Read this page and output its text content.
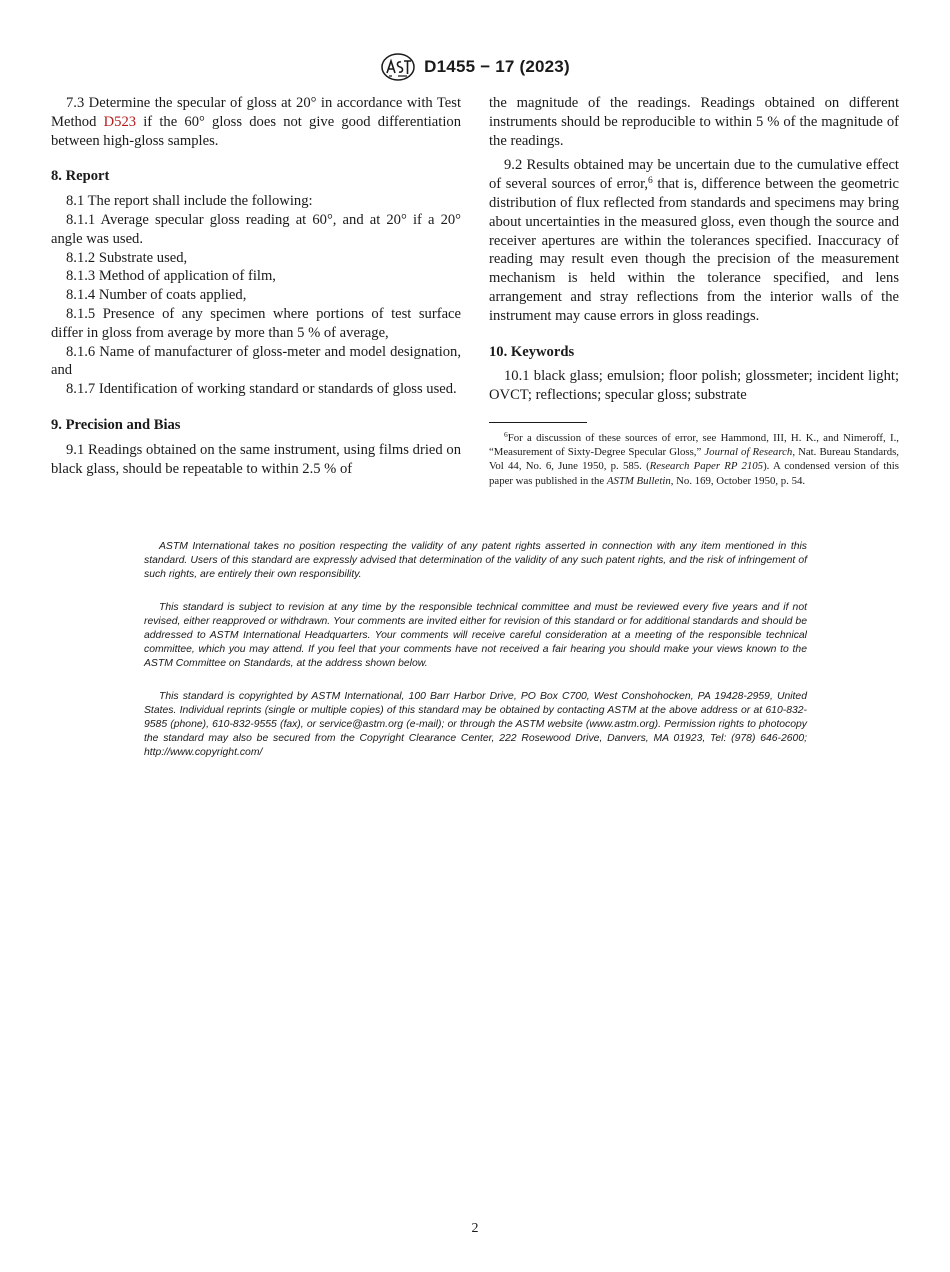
D1455 − 17 (2023)

7.3 Determine the specular of gloss at 20° in accordance with Test Method D523 if the 60° gloss does not give good differentiation between high-gloss samples.

8. Report

8.1 The report shall include the following:

8.1.1 Average specular gloss reading at 60°, and at 20° if a 20° angle was used.

8.1.2 Substrate used,

8.1.3 Method of application of film,

8.1.4 Number of coats applied,

8.1.5 Presence of any specimen where portions of test surface differ in gloss from average by more than 5 % of average,

8.1.6 Name of manufacturer of gloss-meter and model designation, and

8.1.7 Identification of working standard or standards of gloss used.

9. Precision and Bias

9.1 Readings obtained on the same instrument, using films dried on black glass, should be repeatable to within 2.5 % of

the magnitude of the readings. Readings obtained on different instruments should be reproducible to within 5 % of the magnitude of the readings.

9.2 Results obtained may be uncertain due to the cumulative effect of several sources of error,$^6$ that is, difference between the geometric distribution of flux reflected from standards and specimens may bring about uncertainties in the measured gloss, even though the source and receiver apertures are within the tolerances specified. Inaccuracy of reading may result even though the precision of the measurement mechanism is held within the tolerance specified, and lens arrangement and stray reflections from the interior walls of the instrument may cause errors in gloss readings.

10. Keywords

10.1 black glass; emulsion; floor polish; glossmeter; incident light; OVCT; reflections; specular gloss; substrate

$^6$For a discussion of these sources of error, see Hammond, III, H. K., and Nimeroff, I., “Measurement of Sixty-Degree Specular Gloss,” Journal of Research, Nat. Bureau Standards, Vol 44, No. 6, June 1950, p. 585. (Research Paper RP 2105). A condensed version of this paper was published in the ASTM Bulletin, No. 169, October 1950, p. 54.

ASTM International takes no position respecting the validity of any patent rights asserted in connection with any item mentioned in this standard. Users of this standard are expressly advised that determination of the validity of any such patent rights, and the risk of infringement of such rights, are entirely their own responsibility.

This standard is subject to revision at any time by the responsible technical committee and must be reviewed every five years and if not revised, either reapproved or withdrawn. Your comments are invited either for revision of this standard or for additional standards and should be addressed to ASTM International Headquarters. Your comments will receive careful consideration at a meeting of the responsible technical committee, which you may attend. If you feel that your comments have not received a fair hearing you should make your views known to the ASTM Committee on Standards, at the address shown below.

This standard is copyrighted by ASTM International, 100 Barr Harbor Drive, PO Box C700, West Conshohocken, PA 19428-2959, United States. Individual reprints (single or multiple copies) of this standard may be obtained by contacting ASTM at the above address or at 610-832-9585 (phone), 610-832-9555 (fax), or service@astm.org (e-mail); or through the ASTM website (www.astm.org). Permission rights to photocopy the standard may also be secured from the Copyright Clearance Center, 222 Rosewood Drive, Danvers, MA 01923, Tel: (978) 646-2600; http://www.copyright.com/

2
